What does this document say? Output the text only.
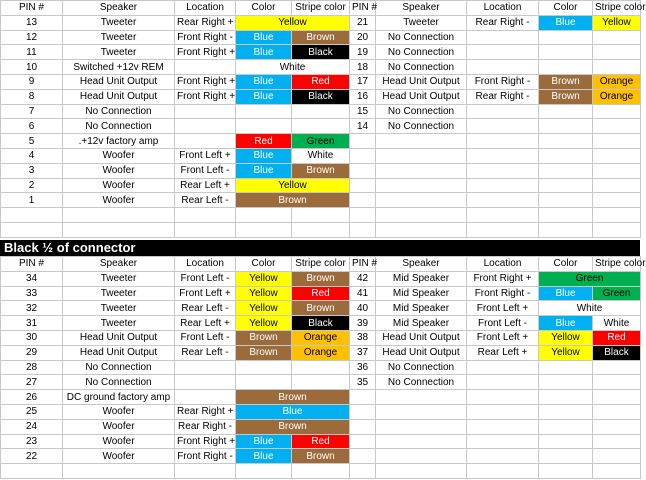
PIN #	Speaker	Location	Color	Stripe color	PIN #	Speaker	Location	Color	Stripe color
13	Tweeter	Rear Right +	Yellow		21	Tweeter	Rear Right -	Blue	Yellow
12	Tweeter	Front Right -	Blue	Brown	20	No Connection			
11	Tweeter	Front Right +	Blue	Black	19	No Connection			
10	Switched +12v REM		White		18	No Connection			
9	Head Unit Output	Front Right +	Blue	Red	17	Head Unit Output	Front Right -	Brown	Orange
8	Head Unit Output	Front Right +	Blue	Black	16	Head Unit Output	Rear Right -	Brown	Orange
7	No Connection				15	No Connection			
6	No Connection				14	No Connection			
5	.+12v factory amp		Red	Green					
4	Woofer	Front Left +	Blue	White					
3	Woofer	Front Left -	Blue	Brown					
2	Woofer	Rear Left +	Yellow						
1	Woofer	Rear Left -	Brown						

Black ½ of connector
PIN #	Speaker	Location	Color	Stripe color	PIN #	Speaker	Location	Color	Stripe color
34	Tweeter	Front Left -	Yellow	Brown	42	Mid Speaker	Front Right +	Green	
33	Tweeter	Front Left +	Yellow	Red	41	Mid Speaker	Front Right -	Blue	Green
32	Tweeter	Rear Left -	Yellow	Brown	40	Mid Speaker	Front Left +	White	
31	Tweeter	Rear Left +	Yellow	Black	39	Mid Speaker	Front Left -	Blue	White
30	Head Unit Output	Front Left -	Brown	Orange	38	Head Unit Output	Front Left +	Yellow	Red
29	Head Unit Output	Rear Left -	Brown	Orange	37	Head Unit Output	Rear Left +	Yellow	Black
28	No Connection				36	No Connection			
27	No Connection				35	No Connection			
26	DC ground factory amp		Brown						
25	Woofer	Rear Right +	Blue						
24	Woofer	Rear Right -	Brown						
23	Woofer	Front Right +	Blue	Red					
22	Woofer	Front Right -	Blue	Brown					
